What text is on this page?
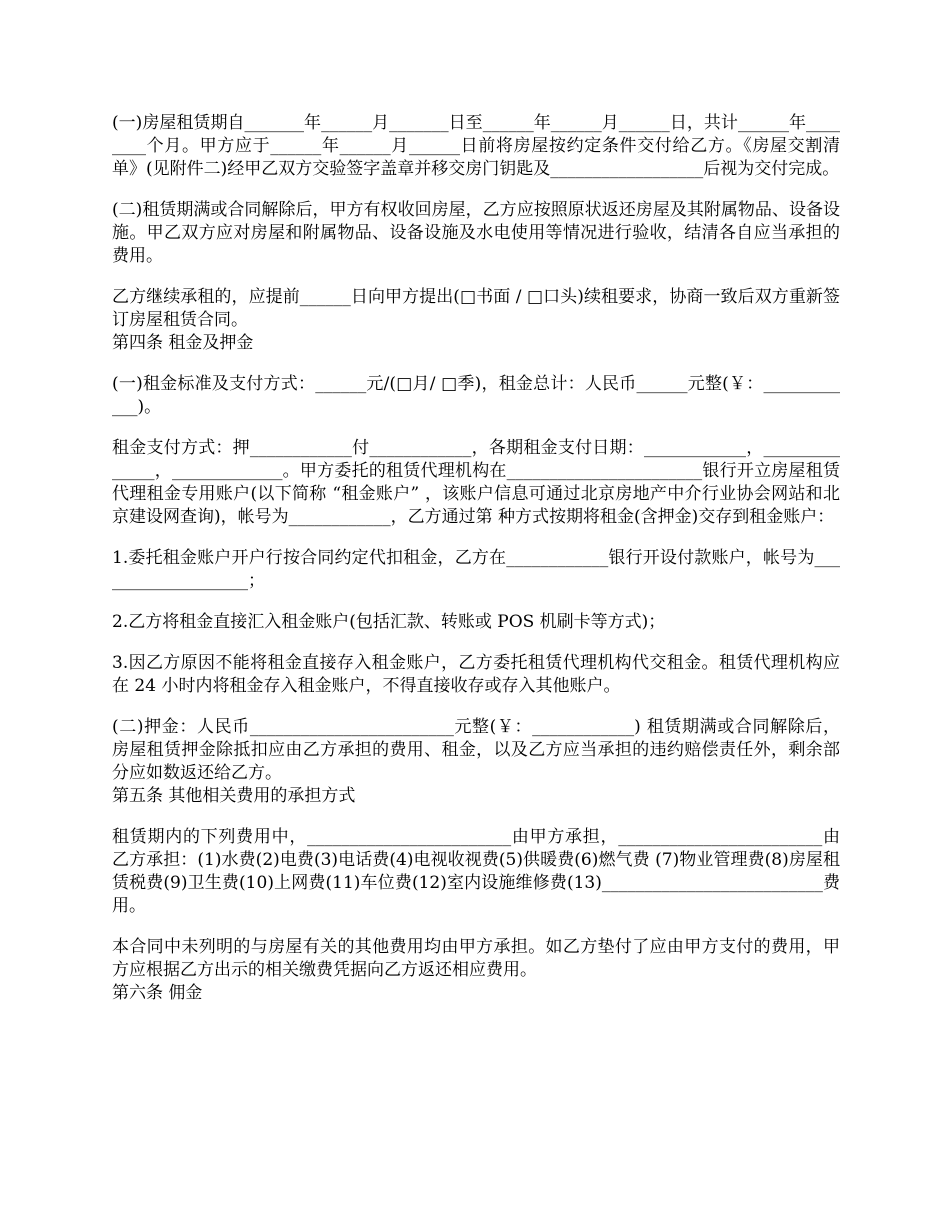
(一)房屋租赁期自_______年______月_______日至______年______月______日，共计______年________个月。甲方应于______年______月______日前将房屋按约定条件交付给乙方。《房屋交割清单》(见附件二)经甲乙双方交验签字盖章并移交房门钥匙及__________________后视为交付完成。

(二)租赁期满或合同解除后，甲方有权收回房屋，乙方应按照原状返还房屋及其附属物品、设备设施。甲乙双方应对房屋和附属物品、设备设施及水电使用等情况进行验收，结清各自应当承担的费用。

乙方继续承租的，应提前______日向甲方提出(□书面 / □口头)续租要求，协商一致后双方重新签订房屋租赁合同。

第四条 租金及押金

(一)租金标准及支付方式：______元/(□月/ □季)，租金总计：人民币______元整(￥：____________)。

租金支付方式：押____________付____________，各期租金支付日期：____________，______________，_____________。甲方委托的租赁代理机构在_______________________银行开立房屋租赁代理租金专用账户(以下简称 “租金账户” ，该账户信息可通过北京房地产中介行业协会网站和北京建设网查询)，帐号为____________，乙方通过第 种方式按期将租金(含押金)交存到租金账户：

1.委托租金账户开户行按合同约定代扣租金，乙方在____________银行开设付款账户，帐号为___________________；

2.乙方将租金直接汇入租金账户(包括汇款、转账或 POS 机刷卡等方式)；

3.因乙方原因不能将租金直接存入租金账户，乙方委托租赁代理机构代交租金。租赁代理机构应在 24 小时内将租金存入租金账户，不得直接收存或存入其他账户。

(二)押金：人民币________________________元整(￥：____________) 租赁期满或合同解除后，房屋租赁押金除抵扣应由乙方承担的费用、租金，以及乙方应当承担的违约赔偿责任外，剩余部分应如数返还给乙方。

第五条 其他相关费用的承担方式

租赁期内的下列费用中，________________________由甲方承担，________________________由乙方承担：(1)水费(2)电费(3)电话费(4)电视收视费(5)供暖费(6)燃气费 (7)物业管理费(8)房屋租赁税费(9)卫生费(10)上网费(11)车位费(12)室内设施维修费(13)__________________________费用。

本合同中未列明的与房屋有关的其他费用均由甲方承担。如乙方垫付了应由甲方支付的费用，甲方应根据乙方出示的相关缴费凭据向乙方返还相应费用。

第六条 佣金
